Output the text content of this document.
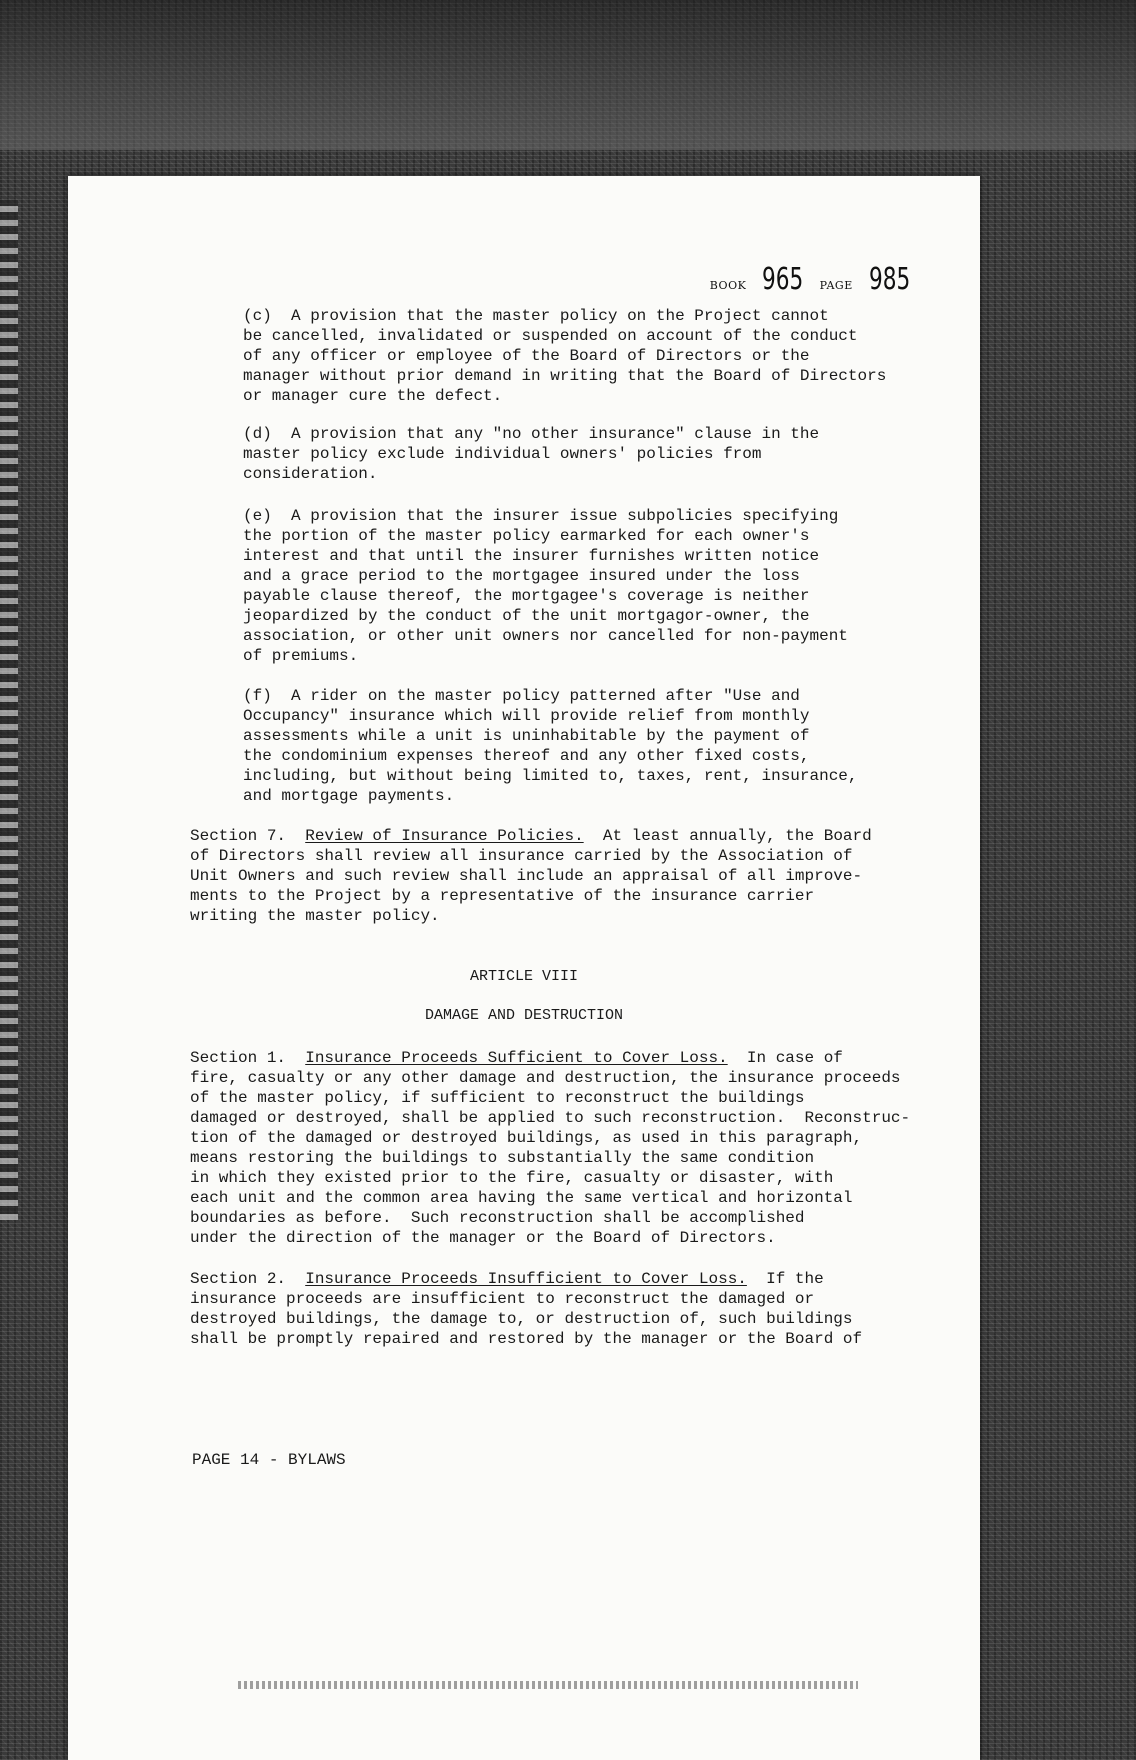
BOOK 965 PAGE 985
(c)  A provision that the master policy on the Project cannot
be cancelled, invalidated or suspended on account of the conduct
of any officer or employee of the Board of Directors or the
manager without prior demand in writing that the Board of Directors
or manager cure the defect.
(d)  A provision that any "no other insurance" clause in the
master policy exclude individual owners' policies from
consideration.
(e)  A provision that the insurer issue subpolicies specifying
the portion of the master policy earmarked for each owner's
interest and that until the insurer furnishes written notice
and a grace period to the mortgagee insured under the loss
payable clause thereof, the mortgagee's coverage is neither
jeopardized by the conduct of the unit mortgagor-owner, the
association, or other unit owners nor cancelled for non-payment
of premiums.
(f)  A rider on the master policy patterned after "Use and
Occupancy" insurance which will provide relief from monthly
assessments while a unit is uninhabitable by the payment of
the condominium expenses thereof and any other fixed costs,
including, but without being limited to, taxes, rent, insurance,
and mortgage payments.
Section 7.  Review of Insurance Policies.  At least annually, the Board
of Directors shall review all insurance carried by the Association of
Unit Owners and such review shall include an appraisal of all improve-
ments to the Project by a representative of the insurance carrier
writing the master policy.
ARTICLE VIII
DAMAGE AND DESTRUCTION
Section 1.  Insurance Proceeds Sufficient to Cover Loss.  In case of
fire, casualty or any other damage and destruction, the insurance proceeds
of the master policy, if sufficient to reconstruct the buildings
damaged or destroyed, shall be applied to such reconstruction.  Reconstruc-
tion of the damaged or destroyed buildings, as used in this paragraph,
means restoring the buildings to substantially the same condition
in which they existed prior to the fire, casualty or disaster, with
each unit and the common area having the same vertical and horizontal
boundaries as before.  Such reconstruction shall be accomplished
under the direction of the manager or the Board of Directors.
Section 2.  Insurance Proceeds Insufficient to Cover Loss.  If the
insurance proceeds are insufficient to reconstruct the damaged or
destroyed buildings, the damage to, or destruction of, such buildings
shall be promptly repaired and restored by the manager or the Board of
PAGE 14 - BYLAWS
